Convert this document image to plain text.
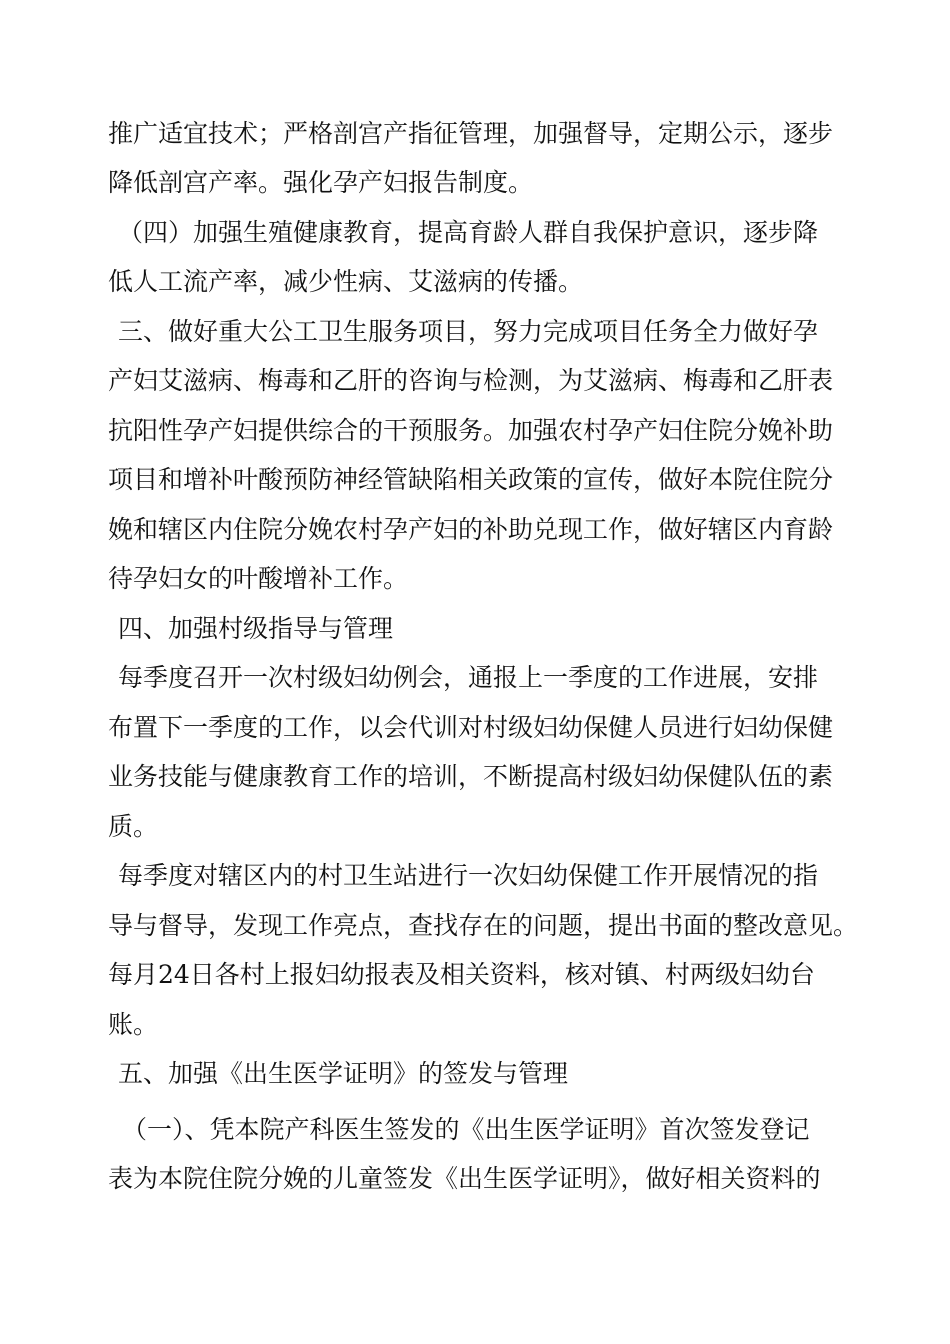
推广适宜技术；严格剖宫产指征管理，加强督导，定期公示，逐步
降低剖宫产率。强化孕产妇报告制度。
（四）加强生殖健康教育，提高育龄人群自我保护意识，逐步降
低人工流产率，减少性病、艾滋病的传播。
三、做好重大公工卫生服务项目，努力完成项目任务全力做好孕
产妇艾滋病、梅毒和乙肝的咨询与检测，为艾滋病、梅毒和乙肝表
抗阳性孕产妇提供综合的干预服务。加强农村孕产妇住院分娩补助
项目和增补叶酸预防神经管缺陷相关政策的宣传，做好本院住院分
娩和辖区内住院分娩农村孕产妇的补助兑现工作，做好辖区内育龄
待孕妇女的叶酸增补工作。
四、加强村级指导与管理
每季度召开一次村级妇幼例会，通报上一季度的工作进展，安排
布置下一季度的工作，以会代训对村级妇幼保健人员进行妇幼保健
业务技能与健康教育工作的培训，不断提高村级妇幼保健队伍的素
质。
每季度对辖区内的村卫生站进行一次妇幼保健工作开展情况的指
导与督导，发现工作亮点，查找存在的问题，提出书面的整改意见。
每月24日各村上报妇幼报表及相关资料，核对镇、村两级妇幼台
账。
五、加强《出生医学证明》的签发与管理
（一）、凭本院产科医生签发的《出生医学证明》首次签发登记
表为本院住院分娩的儿童签发《出生医学证明》，做好相关资料的
